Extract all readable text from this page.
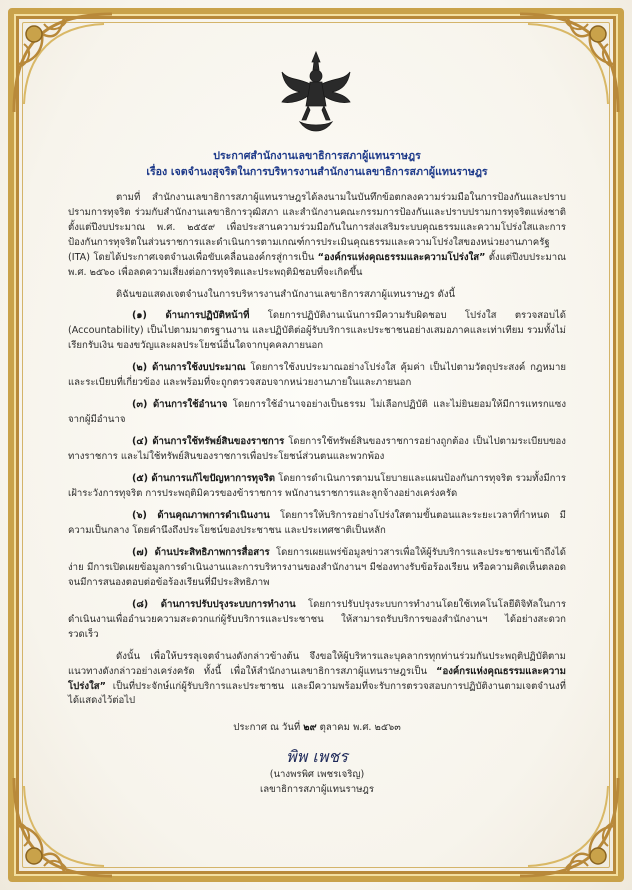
ประกาศสำนักงานเลขาธิการสภาผู้แทนราษฎร
เรื่อง เจตจำนงสุจริตในการบริหารงานสำนักงานเลขาธิการสภาผู้แทนราษฎร

ตามที่ สำนักงานเลขาธิการสภาผู้แทนราษฎรได้ลงนามในบันทึกข้อตกลงความร่วมมือในการป้องกันและปราบปรามการทุจริต ร่วมกับสำนักงานเลขาธิการวุฒิสภา และสำนักงานคณะกรรมการป้องกันและปราบปรามการทุจริตแห่งชาติ ตั้งแต่ปีงบประมาณ พ.ศ. ๒๕๕๙ เพื่อประสานความร่วมมือกันในการส่งเสริมระบบคุณธรรมและความโปร่งใสและการป้องกันการทุจริตในส่วนราชการและดำเนินการตามเกณฑ์การประเมินคุณธรรมและความโปร่งใสของหน่วยงานภาครัฐ (ITA) โดยได้ประกาศเจตจำนงเพื่อขับเคลื่อนองค์กรสู่การเป็น “องค์กรแห่งคุณธรรมและความโปร่งใส” ตั้งแต่ปีงบประมาณ พ.ศ. ๒๕๖๐ เพื่อลดความเสี่ยงต่อการทุจริตและประพฤติมิชอบที่จะเกิดขึ้น

ดิฉันขอแสดงเจตจำนงในการบริหารงานสำนักงานเลขาธิการสภาผู้แทนราษฎร ดังนี้

(๑) ด้านการปฏิบัติหน้าที่ โดยการปฏิบัติงานเน้นการมีความรับผิดชอบ โปร่งใส ตรวจสอบได้ (Accountability) เป็นไปตามมาตรฐานงาน และปฏิบัติต่อผู้รับบริการและประชาชนอย่างเสมอภาคและเท่าเทียม รวมทั้งไม่เรียกรับเงิน ของขวัญและผลประโยชน์อื่นใดจากบุคคลภายนอก

(๒) ด้านการใช้งบประมาณ โดยการใช้งบประมาณอย่างโปร่งใส คุ้มค่า เป็นไปตามวัตถุประสงค์ กฎหมายและระเบียบที่เกี่ยวข้อง และพร้อมที่จะถูกตรวจสอบจากหน่วยงานภายในและภายนอก

(๓) ด้านการใช้อำนาจ โดยการใช้อำนาจอย่างเป็นธรรม ไม่เลือกปฏิบัติ และไม่ยินยอมให้มีการแทรกแซงจากผู้มีอำนาจ

(๔) ด้านการใช้ทรัพย์สินของราชการ โดยการใช้ทรัพย์สินของราชการอย่างถูกต้อง เป็นไปตามระเบียบของทางราชการ และไม่ใช้ทรัพย์สินของราชการเพื่อประโยชน์ส่วนตนและพวกพ้อง

(๕) ด้านการแก้ไขปัญหาการทุจริต โดยการดำเนินการตามนโยบายและแผนป้องกันการทุจริต รวมทั้งมีการเฝ้าระวังการทุจริต การประพฤติมิควรของข้าราชการ พนักงานราชการและลูกจ้างอย่างเคร่งครัด

(๖) ด้านคุณภาพการดำเนินงาน โดยการให้บริการอย่างโปร่งใสตามขั้นตอนและระยะเวลาที่กำหนด มีความเป็นกลาง โดยคำนึงถึงประโยชน์ของประชาชน และประเทศชาติเป็นหลัก

(๗) ด้านประสิทธิภาพการสื่อสาร โดยการเผยแพร่ข้อมูลข่าวสารเพื่อให้ผู้รับบริการและประชาชนเข้าถึงได้ง่าย มีการเปิดเผยข้อมูลการดำเนินงานและการบริหารงานของสำนักงานฯ มีช่องทางรับข้อร้องเรียน หรือความคิดเห็นตลอดจนมีการสนองตอบต่อข้อร้องเรียนที่มีประสิทธิภาพ

(๘) ด้านการปรับปรุงระบบการทำงาน โดยการปรับปรุงระบบการทำงานโดยใช้เทคโนโลยีดิจิทัลในการดำเนินงานเพื่ออำนวยความสะดวกแก่ผู้รับบริการและประชาชน ให้สามารถรับบริการของสำนักงานฯ ได้อย่างสะดวก รวดเร็ว

ดังนั้น เพื่อให้บรรลุเจตจำนงดังกล่าวข้างต้น จึงขอให้ผู้บริหารและบุคลากรทุกท่านร่วมกันประพฤติปฏิบัติตามแนวทางดังกล่าวอย่างเคร่งครัด ทั้งนี้ เพื่อให้สำนักงานเลขาธิการสภาผู้แทนราษฎรเป็น “องค์กรแห่งคุณธรรมและความโปร่งใส” เป็นที่ประจักษ์แก่ผู้รับบริการและประชาชน และมีความพร้อมที่จะรับการตรวจสอบการปฏิบัติงานตามเจตจำนงที่ได้แสดงไว้ต่อไป

ประกาศ ณ วันที่ ๒๙ ตุลาคม พ.ศ. ๒๕๖๓
พิพ เพชร
(นางพรพิศ เพชรเจริญ)
เลขาธิการสภาผู้แทนราษฎร
